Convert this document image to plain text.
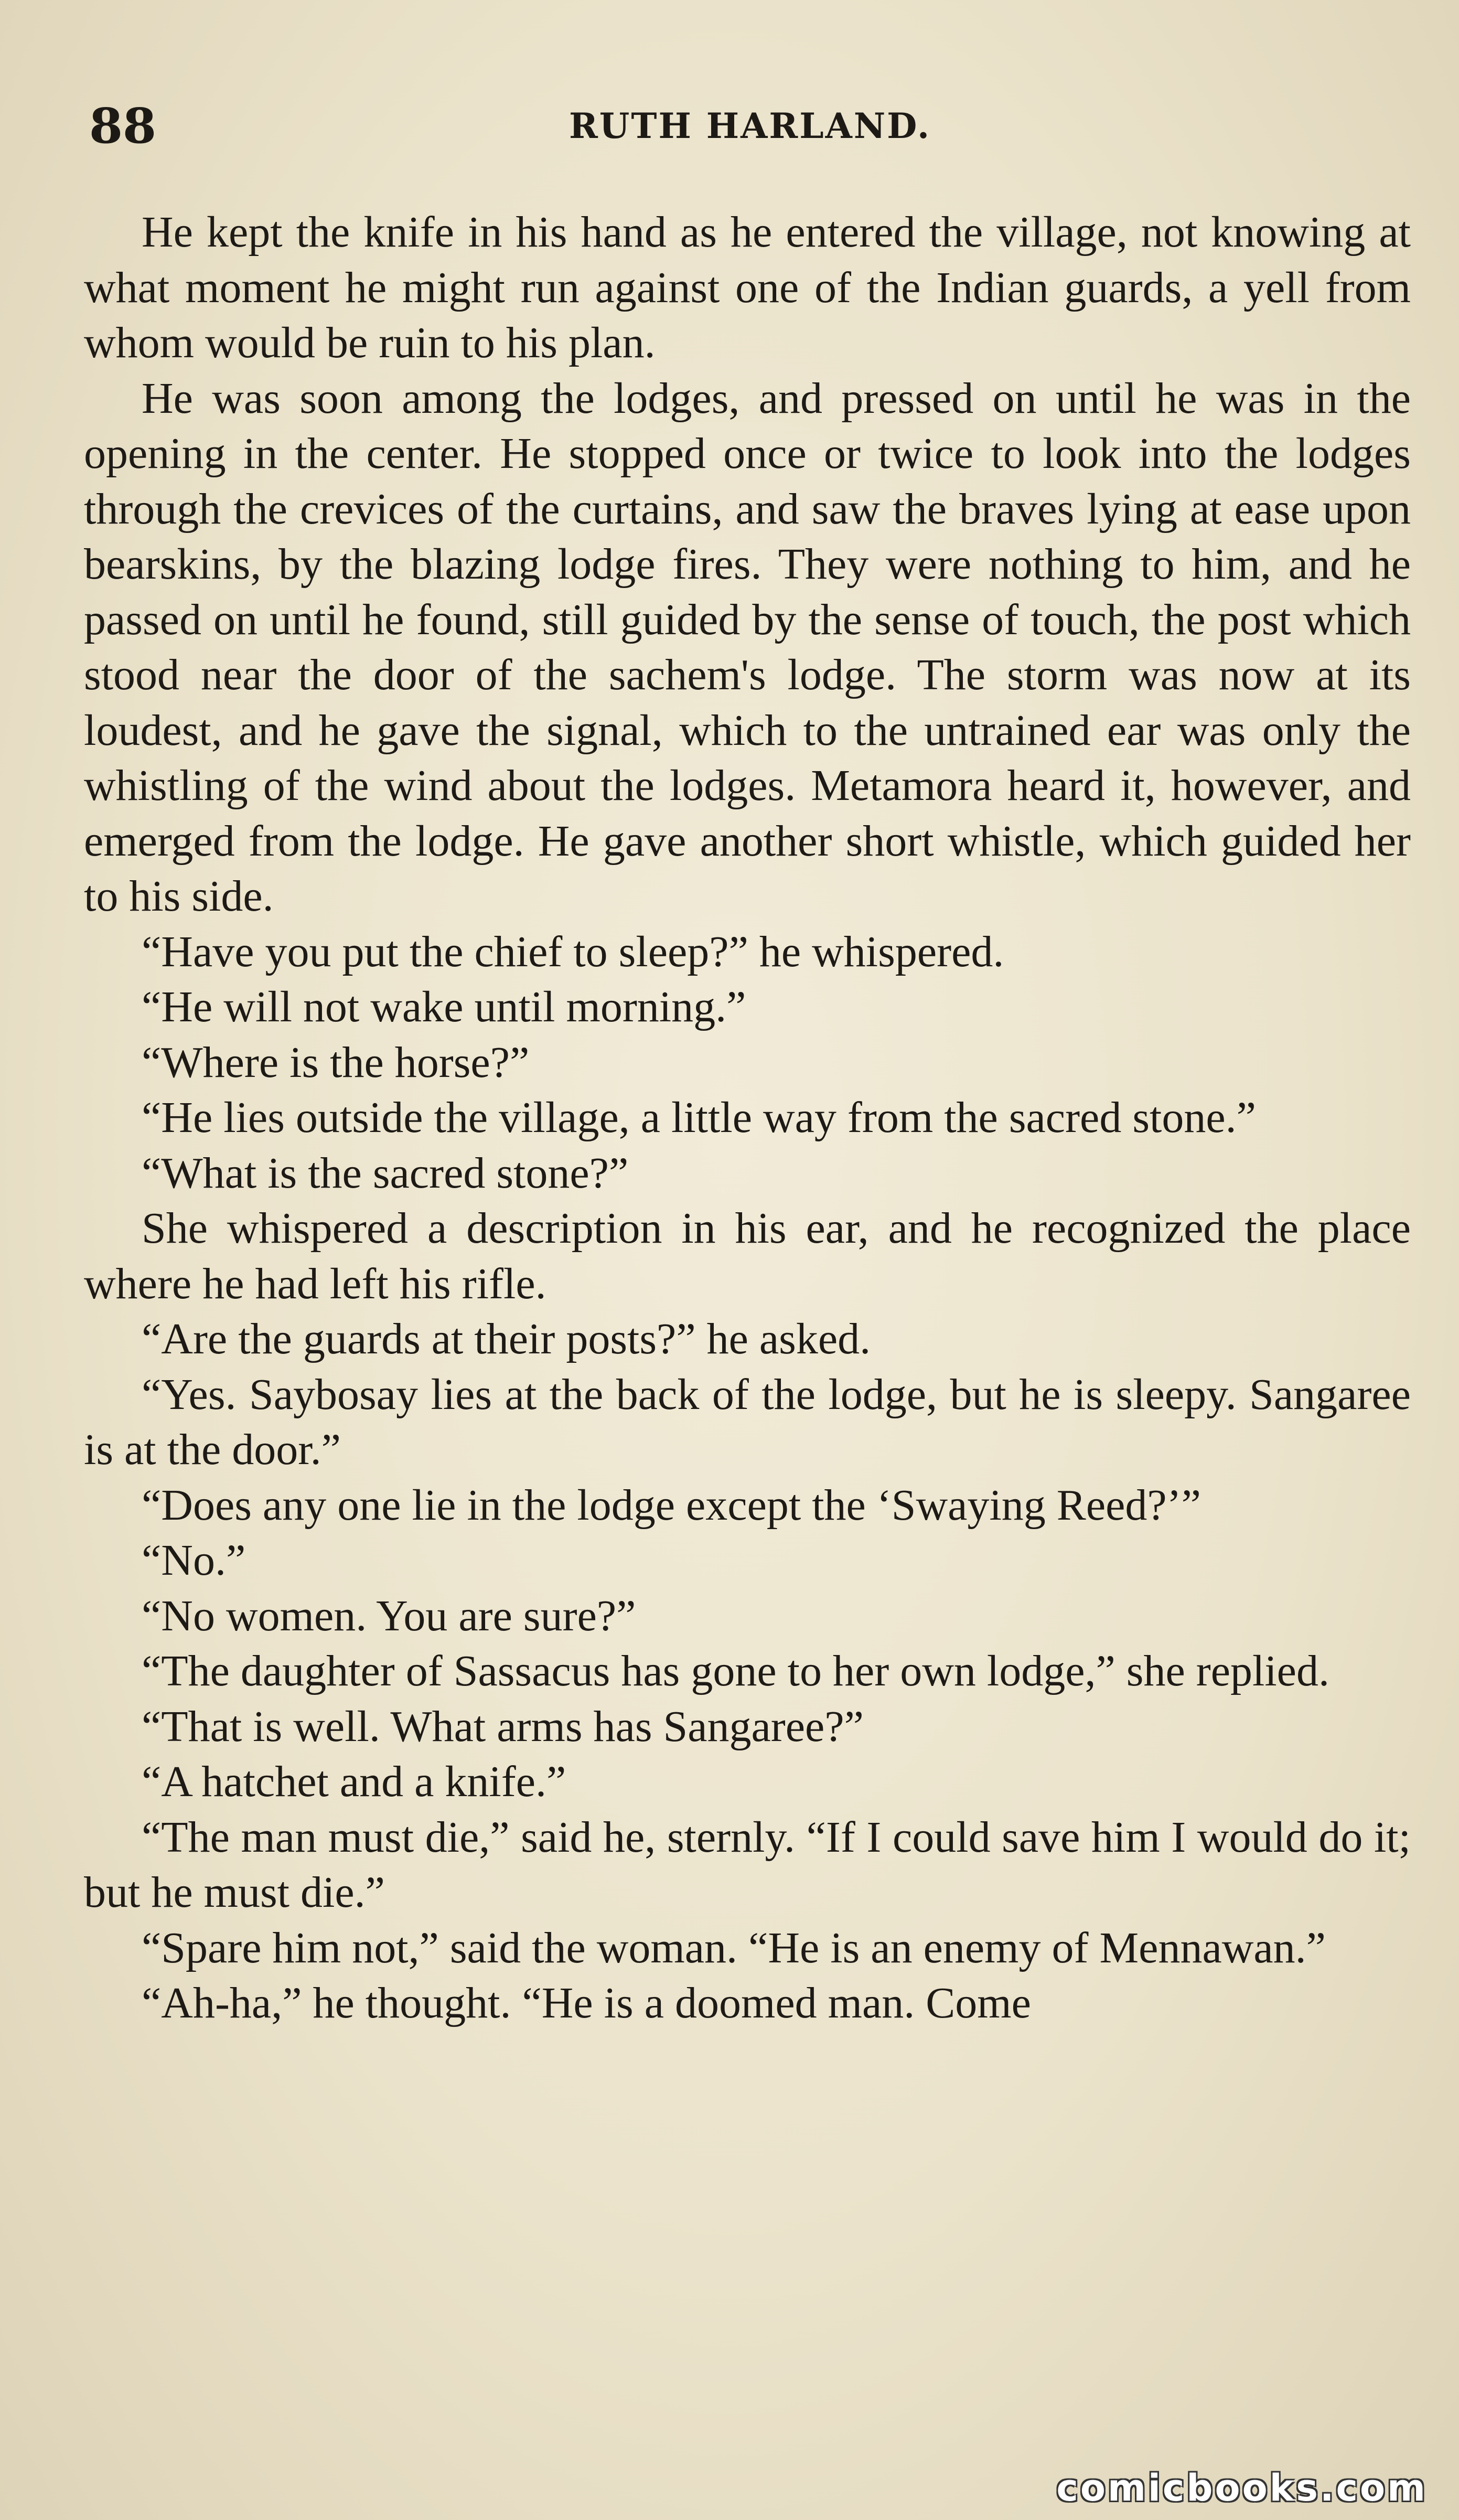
88	RUTH HARLAND.

He kept the knife in his hand as he entered the village, not knowing at what moment he might run against one of the Indian guards, a yell from whom would be ruin to his plan.

He was soon among the lodges, and pressed on until he was in the opening in the center. He stopped once or twice to look into the lodges through the crevices of the curtains, and saw the braves lying at ease upon bearskins, by the blazing lodge fires. They were nothing to him, and he passed on until he found, still guided by the sense of touch, the post which stood near the door of the sachem's lodge. The storm was now at its loudest, and he gave the signal, which to the untrained ear was only the whistling of the wind about the lodges. Metamora heard it, however, and emerged from the lodge. He gave another short whistle, which guided her to his side.

“Have you put the chief to sleep?” he whispered.

“He will not wake until morning.”

“Where is the horse?”

“He lies outside the village, a little way from the sacred stone.”

“What is the sacred stone?”

She whispered a description in his ear, and he recognized the place where he had left his rifle.

“Are the guards at their posts?” he asked.

“Yes. Saybosay lies at the back of the lodge, but he is sleepy. Sangaree is at the door.”

“Does any one lie in the lodge except the ‘Swaying Reed?’”

“No.”

“No women. You are sure?”

“The daughter of Sassacus has gone to her own lodge,” she replied.

“That is well. What arms has Sangaree?”

“A hatchet and a knife.”

“The man must die,” said he, sternly. “If I could save him I would do it; but he must die.”

“Spare him not,” said the woman. “He is an enemy of Mennawan.”

“Ah-ha,” he thought. “He is a doomed man. Come

comicbooks.com
